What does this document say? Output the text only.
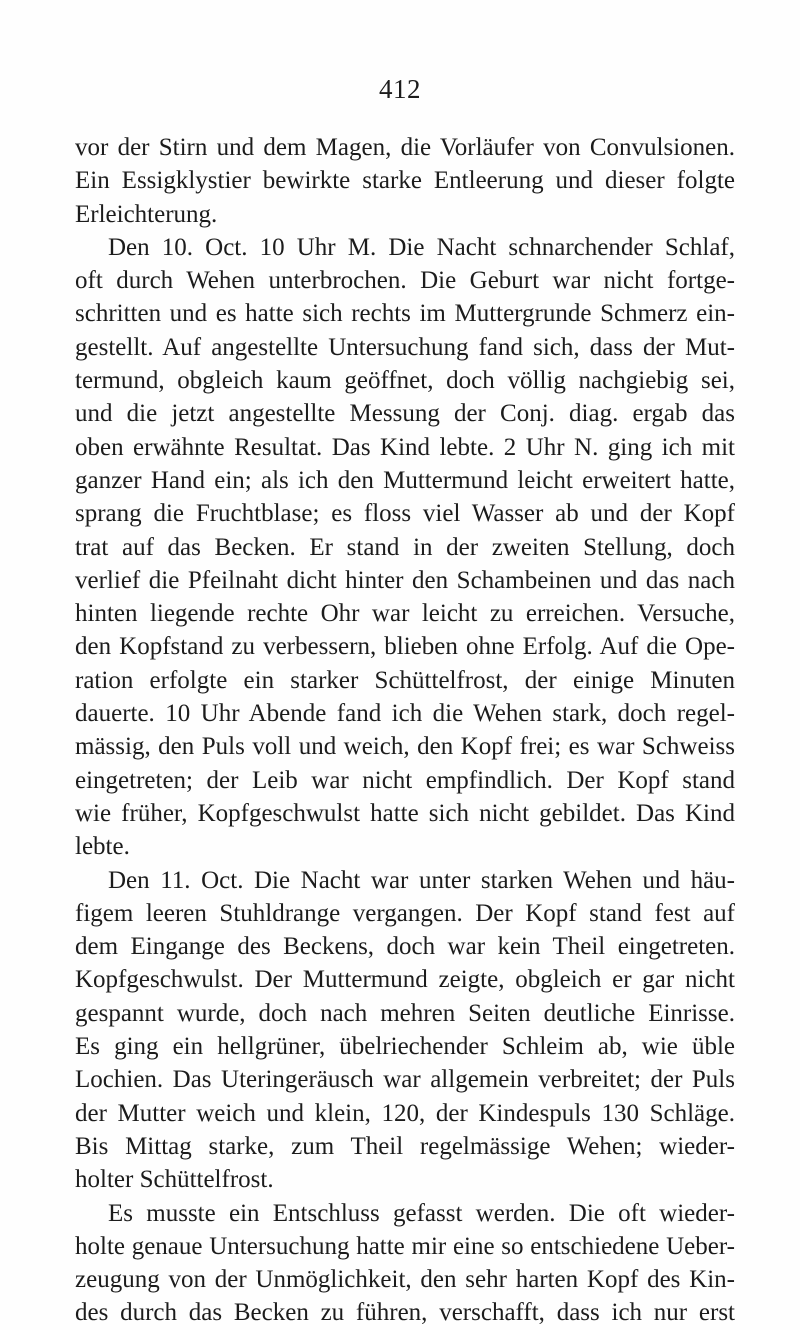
412
vor der Stirn und dem Magen, die Vorläufer von Convulsionen.
Ein Essigklystier bewirkte starke Entleerung und dieser folgte
Erleichterung.
Den 10. Oct. 10 Uhr M. Die Nacht schnarchender Schlaf,
oft durch Wehen unterbrochen. Die Geburt war nicht fortge-
schritten und es hatte sich rechts im Muttergrunde Schmerz ein-
gestellt. Auf angestellte Untersuchung fand sich, dass der Mut-
termund, obgleich kaum geöffnet, doch völlig nachgiebig sei,
und die jetzt angestellte Messung der Conj. diag. ergab das
oben erwähnte Resultat. Das Kind lebte. 2 Uhr N. ging ich mit
ganzer Hand ein; als ich den Muttermund leicht erweitert hatte,
sprang die Fruchtblase; es floss viel Wasser ab und der Kopf
trat auf das Becken. Er stand in der zweiten Stellung, doch
verlief die Pfeilnaht dicht hinter den Schambeinen und das nach
hinten liegende rechte Ohr war leicht zu erreichen. Versuche,
den Kopfstand zu verbessern, blieben ohne Erfolg. Auf die Ope-
ration erfolgte ein starker Schüttelfrost, der einige Minuten
dauerte. 10 Uhr Abende fand ich die Wehen stark, doch regel-
mässig, den Puls voll und weich, den Kopf frei; es war Schweiss
eingetreten; der Leib war nicht empfindlich. Der Kopf stand
wie früher, Kopfgeschwulst hatte sich nicht gebildet. Das Kind
lebte.
Den 11. Oct. Die Nacht war unter starken Wehen und häu-
figem leeren Stuhldrange vergangen. Der Kopf stand fest auf
dem Eingange des Beckens, doch war kein Theil eingetreten.
Kopfgeschwulst. Der Muttermund zeigte, obgleich er gar nicht
gespannt wurde, doch nach mehren Seiten deutliche Einrisse.
Es ging ein hellgrüner, übelriechender Schleim ab, wie üble
Lochien. Das Uteringeräusch war allgemein verbreitet; der Puls
der Mutter weich und klein, 120, der Kindespuls 130 Schläge.
Bis Mittag starke, zum Theil regelmässige Wehen; wieder-
holter Schüttelfrost.
Es musste ein Entschluss gefasst werden. Die oft wieder-
holte genaue Untersuchung hatte mir eine so entschiedene Ueber-
zeugung von der Unmöglichkeit, den sehr harten Kopf des Kin-
des durch das Becken zu führen, verschafft, dass ich nur erst
